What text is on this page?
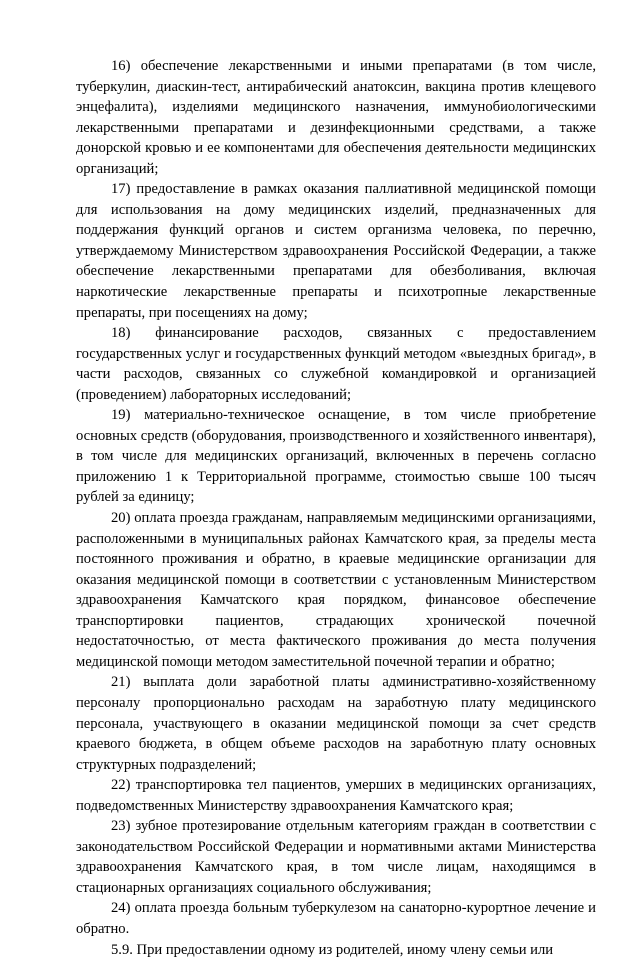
16) обеспечение лекарственными и иными препаратами (в том числе, туберкулин, диаскин-тест, антирабический анатоксин, вакцина против клещевого энцефалита), изделиями медицинского назначения, иммунобиологическими лекарственными препаратами и дезинфекционными средствами, а также донорской кровью и ее компонентами для обеспечения деятельности медицинских организаций;

17) предоставление в рамках оказания паллиативной медицинской помощи для использования на дому медицинских изделий, предназначенных для поддержания функций органов и систем организма человека, по перечню, утверждаемому Министерством здравоохранения Российской Федерации, а также обеспечение лекарственными препаратами для обезболивания, включая наркотические лекарственные препараты и психотропные лекарственные препараты, при посещениях на дому;

18) финансирование расходов, связанных с предоставлением государственных услуг и государственных функций методом «выездных бригад», в части расходов, связанных со служебной командировкой и организацией (проведением) лабораторных исследований;

19) материально-техническое оснащение, в том числе приобретение основных средств (оборудования, производственного и хозяйственного инвентаря), в том числе для медицинских организаций, включенных в перечень согласно приложению 1 к Территориальной программе, стоимостью свыше 100 тысяч рублей за единицу;

20) оплата проезда гражданам, направляемым медицинскими организациями, расположенными в муниципальных районах Камчатского края, за пределы места постоянного проживания и обратно, в краевые медицинские организации для оказания медицинской помощи в соответствии с установленным Министерством здравоохранения Камчатского края порядком, финансовое обеспечение транспортировки пациентов, страдающих хронической почечной недостаточностью, от места фактического проживания до места получения медицинской помощи методом заместительной почечной терапии и обратно;

21) выплата доли заработной платы административно-хозяйственному персоналу пропорционально расходам на заработную плату медицинского персонала, участвующего в оказании медицинской помощи за счет средств краевого бюджета, в общем объеме расходов на заработную плату основных структурных подразделений;

22) транспортировка тел пациентов, умерших в медицинских организациях, подведомственных Министерству здравоохранения Камчатского края;

23) зубное протезирование отдельным категориям граждан в соответствии с законодательством Российской Федерации и нормативными актами Министерства здравоохранения Камчатского края, в том числе лицам, находящимся в стационарных организациях социального обслуживания;

24) оплата проезда больным туберкулезом на санаторно-курортное лечение и обратно.

5.9. При предоставлении одному из родителей, иному члену семьи или
